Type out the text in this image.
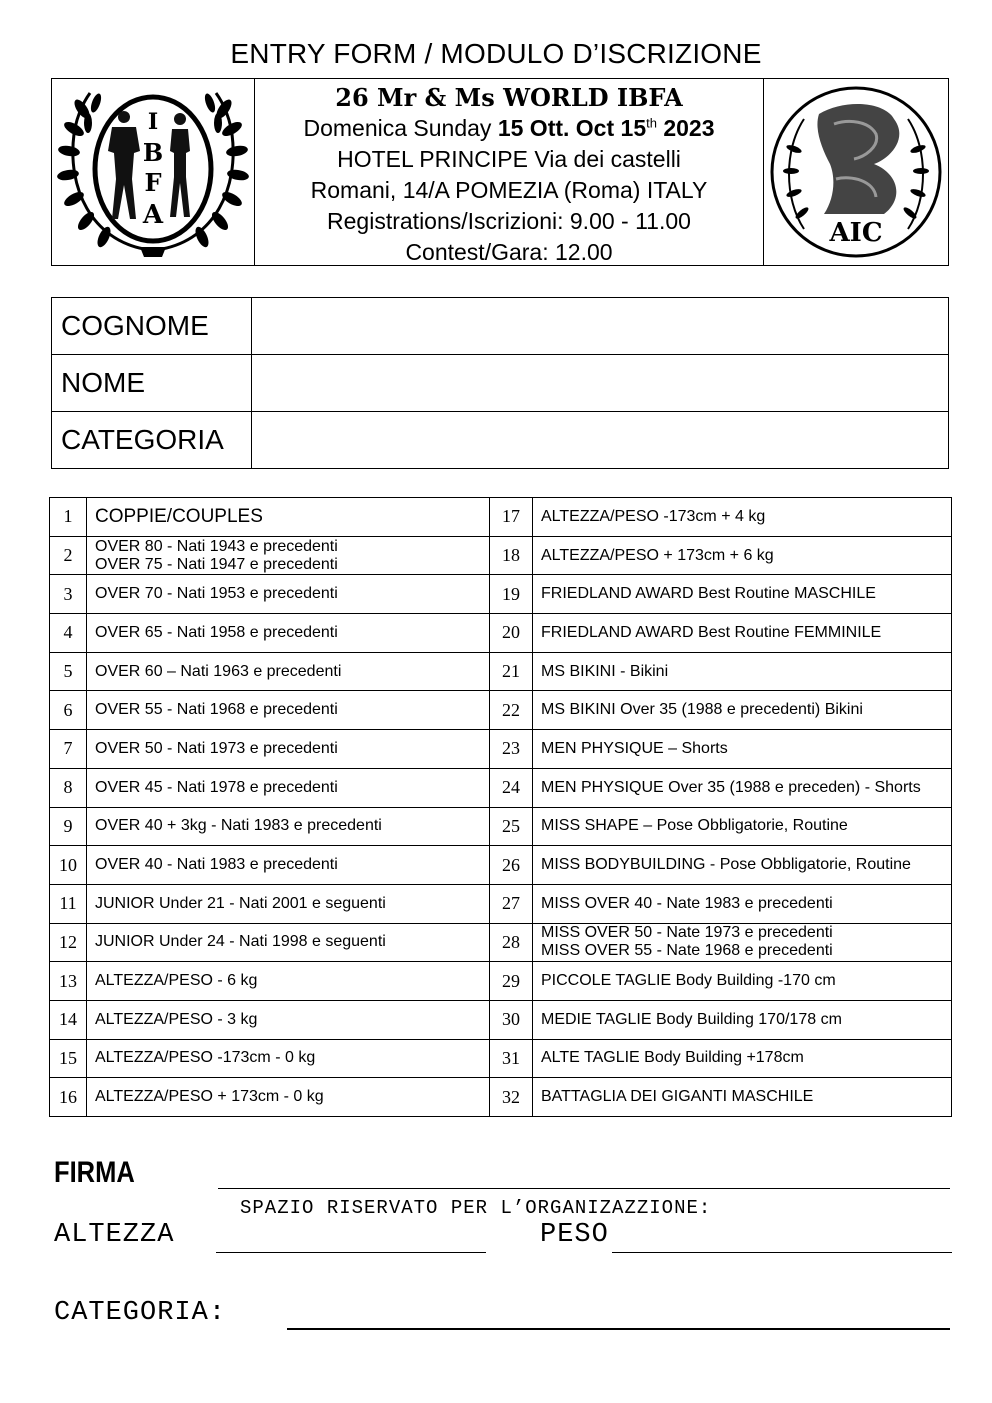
ENTRY FORM / MODULO D’ISCRIZIONE
I
B
F
A
26 Mr & Ms WORLD IBFA
Domenica Sunday 15 Ott. Oct 15th 2023
HOTEL PRINCIPE Via dei castelli
Romani, 14/A POMEZIA (Roma) ITALY
Registrations/Iscrizioni: 9.00 - 11.00
Contest/Gara: 12.00
AIC
COGNOME	
NOME	
CATEGORIA	
1	COPPIE/COUPLES	17	ALTEZZA/PESO -173cm + 4 kg

2	OVER 80 - Nati 1943 e precedenti
OVER 75 - Nati 1947 e precedenti	18	ALTEZZA/PESO + 173cm + 6 kg

3	OVER 70 - Nati 1953 e precedenti	19	FRIEDLAND AWARD Best Routine MASCHILE

4	OVER 65 - Nati 1958 e precedenti	20	FRIEDLAND AWARD Best Routine FEMMINILE

5	OVER 60 – Nati 1963 e precedenti	21	MS BIKINI - Bikini

6	OVER 55 - Nati 1968 e precedenti	22	MS BIKINI Over 35 (1988 e precedenti) Bikini

7	OVER 50 - Nati 1973 e precedenti	23	MEN PHYSIQUE – Shorts

8	OVER 45 - Nati 1978 e precedenti	24	MEN PHYSIQUE Over 35 (1988 e preceden) - Shorts

9	OVER 40 + 3kg - Nati 1983 e precedenti	25	MISS SHAPE – Pose Obbligatorie, Routine

10	OVER 40 - Nati 1983 e precedenti	26	MISS BODYBUILDING - Pose Obbligatorie, Routine

11	JUNIOR Under 21 - Nati 2001 e seguenti	27	MISS OVER 40 - Nate 1983 e precedenti

12	JUNIOR Under 24 - Nati 1998 e seguenti	28	MISS OVER 50 - Nate 1973 e precedenti
MISS OVER 55 - Nate 1968 e precedenti

13	ALTEZZA/PESO - 6 kg	29	PICCOLE TAGLIE Body Building -170 cm

14	ALTEZZA/PESO - 3 kg	30	MEDIE TAGLIE Body Building 170/178 cm

15	ALTEZZA/PESO -173cm - 0 kg	31	ALTE TAGLIE Body Building +178cm

16	ALTEZZA/PESO + 173cm - 0 kg	32	BATTAGLIA DEI GIGANTI MASCHILE
FIRMA
SPAZIO RISERVATO PER L’ORGANIZAZZIONE:
ALTEZZA	PESO
CATEGORIA:
